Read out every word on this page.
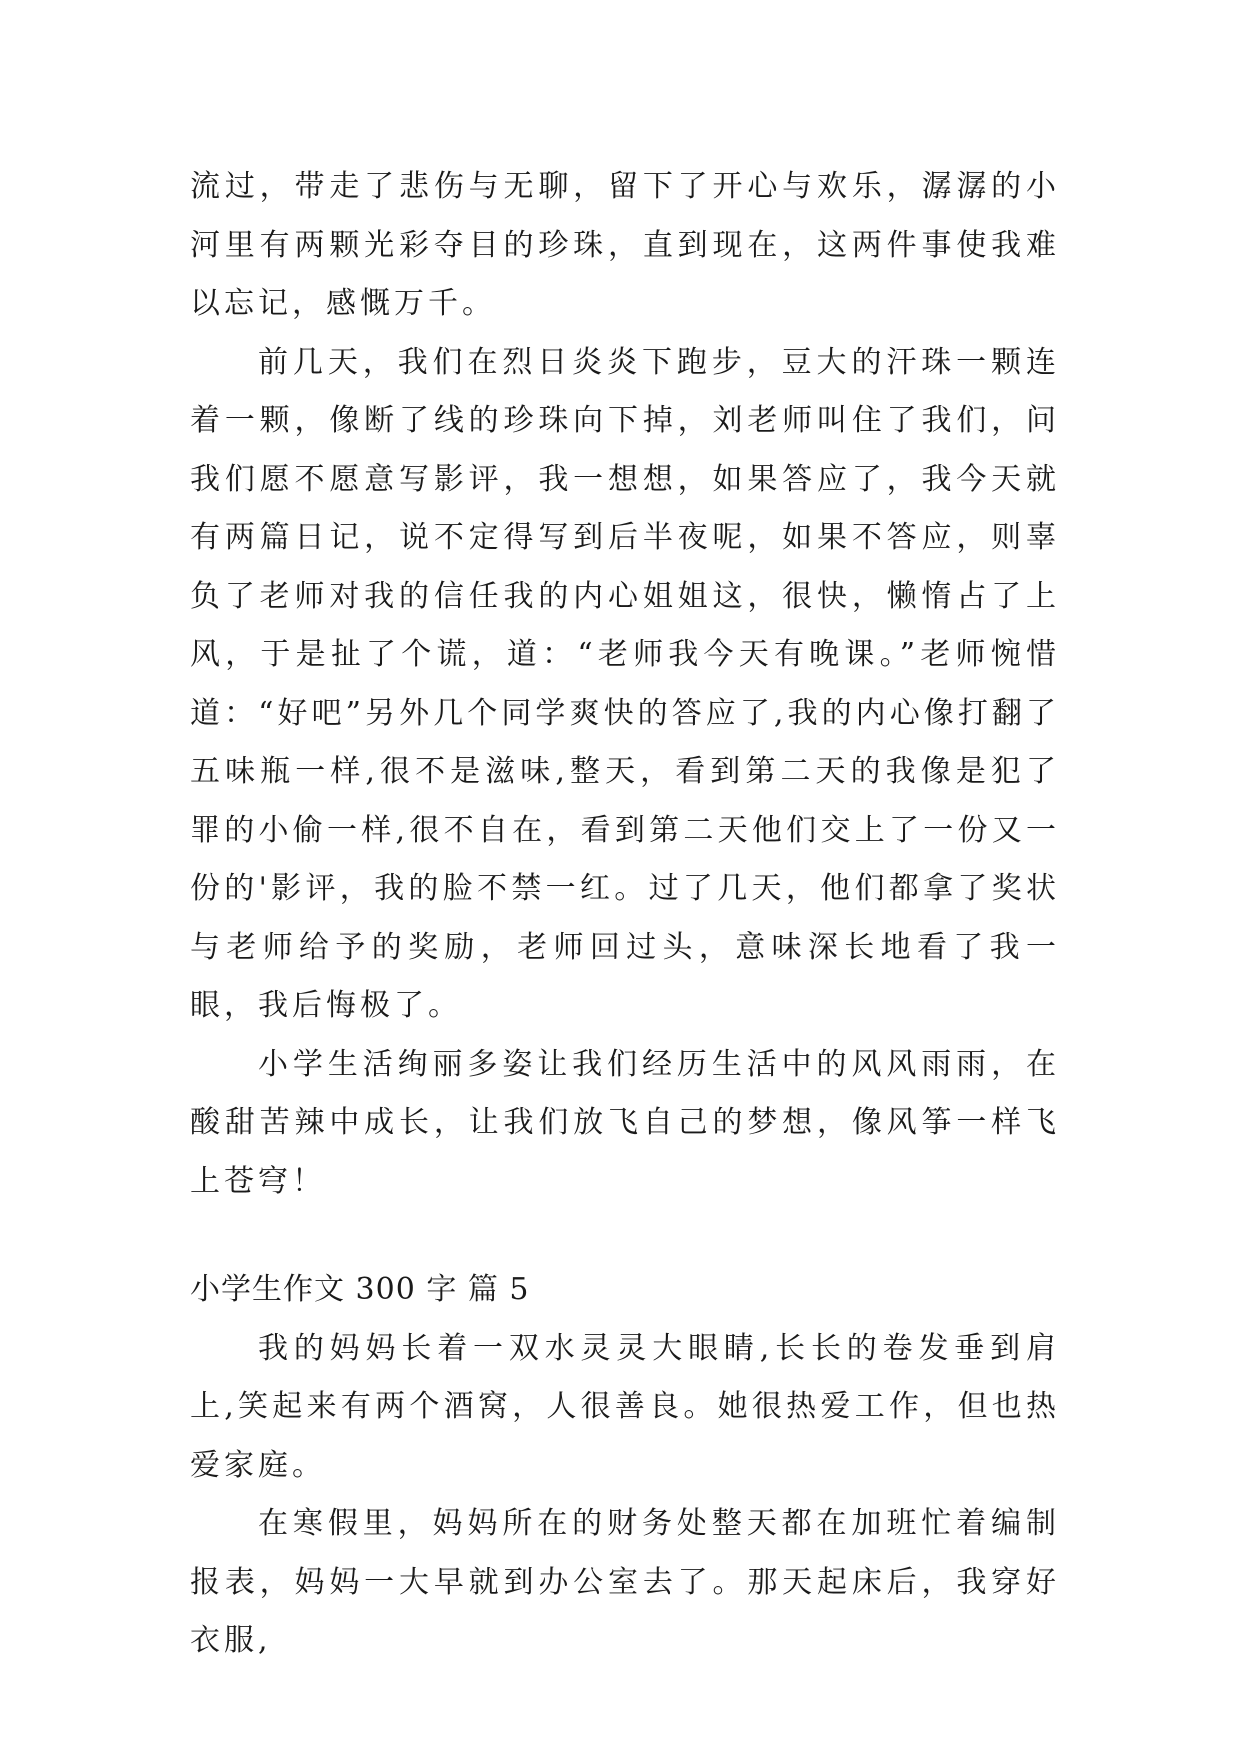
流过，带走了悲伤与无聊，留下了开心与欢乐，潺潺的小河里有两颗光彩夺目的珍珠，直到现在，这两件事使我难以忘记，感慨万千。

前几天，我们在烈日炎炎下跑步，豆大的汗珠一颗连着一颗，像断了线的珍珠向下掉，刘老师叫住了我们，问我们愿不愿意写影评，我一想想，如果答应了，我今天就有两篇日记，说不定得写到后半夜呢，如果不答应，则辜负了老师对我的信任我的内心姐姐这，很快，懒惰占了上风，于是扯了个谎，道：“老师我今天有晚课。”老师惋惜道：“好吧”另外几个同学爽快的答应了,我的内心像打翻了五味瓶一样,很不是滋味,整天，看到第二天的我像是犯了罪的小偷一样,很不自在，看到第二天他们交上了一份又一份的'影评，我的脸不禁一红。过了几天，他们都拿了奖状与老师给予的奖励，老师回过头，意味深长地看了我一眼，我后悔极了。

小学生活绚丽多姿让我们经历生活中的风风雨雨，在酸甜苦辣中成长，让我们放飞自己的梦想，像风筝一样飞上苍穹！

小学生作文 300 字 篇 5

我的妈妈长着一双水灵灵大眼睛,长长的卷发垂到肩上,笑起来有两个酒窝，人很善良。她很热爱工作，但也热爱家庭。

在寒假里，妈妈所在的财务处整天都在加班忙着编制报表，妈妈一大早就到办公室去了。那天起床后，我穿好衣服,
